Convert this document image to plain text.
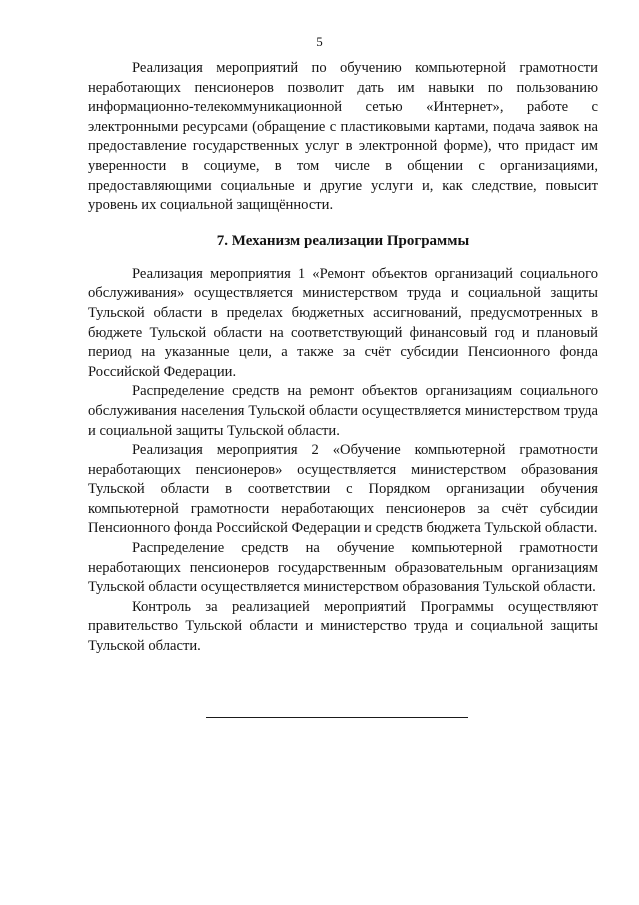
5

Реализация мероприятий по обучению компьютерной грамотности неработающих пенсионеров позволит дать им навыки по пользованию информационно-телекоммуникационной сетью «Интернет», работе с электронными ресурсами (обращение с пластиковыми картами, подача заявок на предоставление государственных услуг в электронной форме), что придаст им уверенности в социуме, в том числе в общении с организациями, предоставляющими социальные и другие услуги и, как следствие, повысит уровень их социальной защищённости.

7. Механизм реализации Программы

Реализация мероприятия 1 «Ремонт объектов организаций социального обслуживания» осуществляется министерством труда и социальной защиты Тульской области в пределах бюджетных ассигнований, предусмотренных в бюджете Тульской области на соответствующий финансовый год и плановый период на указанные цели, а также за счёт субсидии Пенсионного фонда Российской Федерации.

Распределение средств на ремонт объектов организациям социального обслуживания населения Тульской области осуществляется министерством труда и социальной защиты Тульской области.

Реализация мероприятия 2 «Обучение компьютерной грамотности неработающих пенсионеров» осуществляется министерством образования Тульской области в соответствии с Порядком организации обучения компьютерной грамотности неработающих пенсионеров за счёт субсидии Пенсионного фонда Российской Федерации и средств бюджета Тульской области.

Распределение средств на обучение компьютерной грамотности неработающих пенсионеров государственным образовательным организациям Тульской области осуществляется министерством образования Тульской области.

Контроль за реализацией мероприятий Программы осуществляют правительство Тульской области и министерство труда и социальной защиты Тульской области.
